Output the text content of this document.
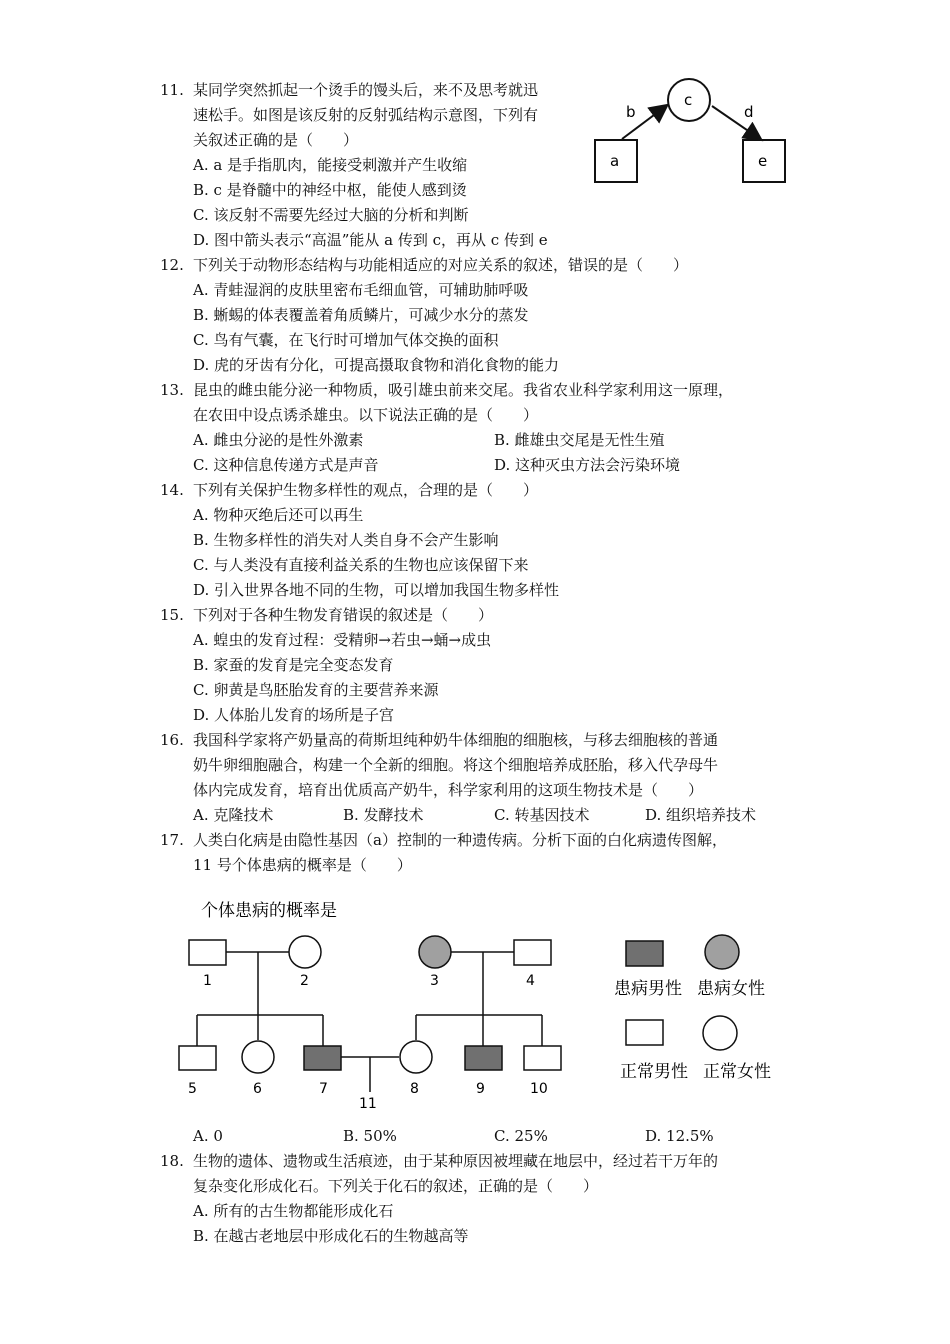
11. 某同学突然抓起一个烫手的馒头后，来不及思考就迅
速松手。如图是该反射的反射弧结构示意图，下列有
关叙述正确的是（　　）
A. a 是手指肌肉，能接受刺激并产生收缩
B. c 是脊髓中的神经中枢，能使人感到烫
C. 该反射不需要先经过大脑的分析和判断
D. 图中箭头表示“高温”能从 a 传到 c，再从 c 传到 e
a	e
c
b	d
12. 下列关于动物形态结构与功能相适应的对应关系的叙述，错误的是（　　）
A. 青蛙湿润的皮肤里密布毛细血管，可辅助肺呼吸
B. 蜥蜴的体表覆盖着角质鳞片，可减少水分的蒸发
C. 鸟有气囊，在飞行时可增加气体交换的面积
D. 虎的牙齿有分化，可提高摄取食物和消化食物的能力
13. 昆虫的雌虫能分泌一种物质，吸引雄虫前来交尾。我省农业科学家利用这一原理，
在农田中设点诱杀雄虫。以下说法正确的是（　　）
A. 雌虫分泌的是性外激素	B. 雌雄虫交尾是无性生殖
C. 这种信息传递方式是声音	D. 这种灭虫方法会污染环境
14. 下列有关保护生物多样性的观点，合理的是（　　）
A. 物种灭绝后还可以再生
B. 生物多样性的消失对人类自身不会产生影响
C. 与人类没有直接利益关系的生物也应该保留下来
D. 引入世界各地不同的生物，可以增加我国生物多样性
15. 下列对于各种生物发育错误的叙述是（　　）
A. 蝗虫的发育过程：受精卵→若虫→蛹→成虫
B. 家蚕的发育是完全变态发育
C. 卵黄是鸟胚胎发育的主要营养来源
D. 人体胎儿发育的场所是子宫
16. 我国科学家将产奶量高的荷斯坦纯种奶牛体细胞的细胞核，与移去细胞核的普通
奶牛卵细胞融合，构建一个全新的细胞。将这个细胞培养成胚胎，移入代孕母牛
体内完成发育，培育出优质高产奶牛，科学家利用的这项生物技术是（　　）
A. 克隆技术	B. 发酵技术	C. 转基因技术	D. 组织培养技术
17. 人类白化病是由隐性基因（a）控制的一种遗传病。分析下面的白化病遗传图解，
11 号个体患病的概率是（　　）
个体患病的概率是
1	2	3	4
5	6	7	8	9	10
11
患病男性 患病女性
正常男性 正常女性
A. 0	B. 50%	C. 25%	D. 12.5%
18. 生物的遗体、遗物或生活痕迹，由于某种原因被埋藏在地层中，经过若干万年的
复杂变化形成化石。下列关于化石的叙述，正确的是（　　）
A. 所有的古生物都能形成化石
B. 在越古老地层中形成化石的生物越高等
